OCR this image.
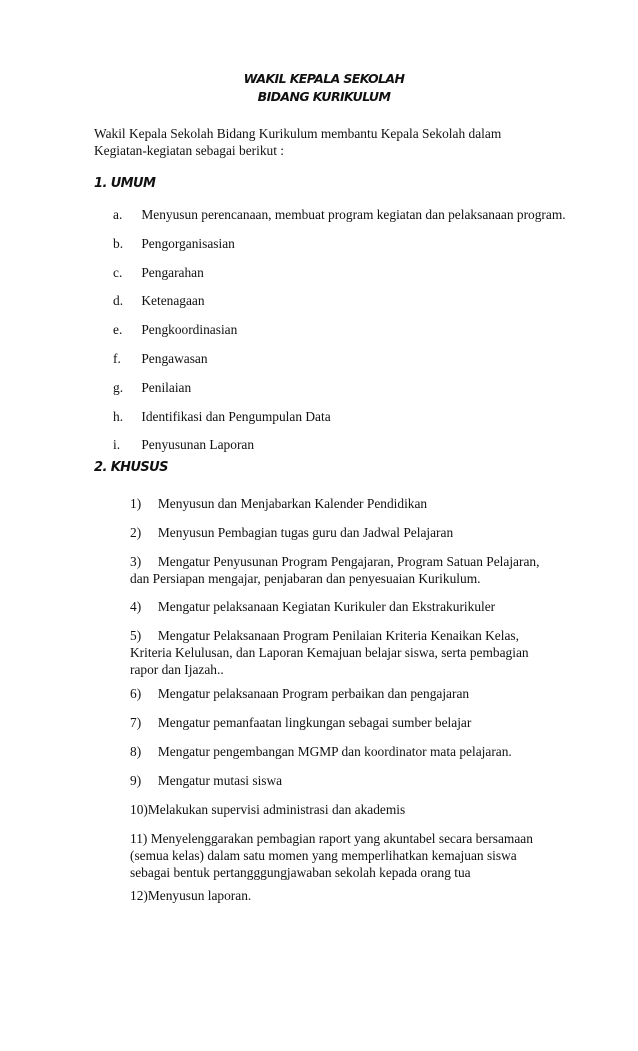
WAKIL KEPALA SEKOLAH
BIDANG KURIKULUM

Wakil Kepala Sekolah Bidang Kurikulum membantu Kepala Sekolah dalam Kegiatan-kegiatan sebagai berikut :

1. UMUM
a. Menyusun perencanaan, membuat program kegiatan dan pelaksanaan program.
b. Pengorganisasian
c. Pengarahan
d. Ketenagaan
e. Pengkoordinasian
f. Pengawasan
g. Penilaian
h. Identifikasi dan Pengumpulan Data
i. Penyusunan Laporan
2. KHUSUS
1)     Menyusun dan Menjabarkan Kalender Pendidikan
2)     Menyusun Pembagian tugas guru dan Jadwal Pelajaran
3)     Mengatur Penyusunan Program Pengajaran, Program Satuan Pelajaran, dan Persiapan mengajar, penjabaran dan penyesuaian Kurikulum.
4)     Mengatur pelaksanaan Kegiatan Kurikuler dan Ekstrakurikuler
5)     Mengatur Pelaksanaan Program Penilaian Kriteria Kenaikan Kelas, Kriteria Kelulusan, dan Laporan Kemajuan belajar siswa, serta pembagian rapor dan Ijazah..
6)     Mengatur pelaksanaan Program perbaikan dan pengajaran
7)     Mengatur pemanfaatan lingkungan sebagai sumber belajar
8)     Mengatur pengembangan MGMP dan koordinator mata pelajaran.
9)     Mengatur mutasi siswa
10)Melakukan supervisi administrasi dan akademis
11) Menyelenggarakan pembagian raport yang akuntabel secara bersamaan (semua kelas) dalam satu momen yang memperlihatkan kemajuan siswa sebagai bentuk pertangggungjawaban sekolah kepada orang tua
12)Menyusun laporan.
